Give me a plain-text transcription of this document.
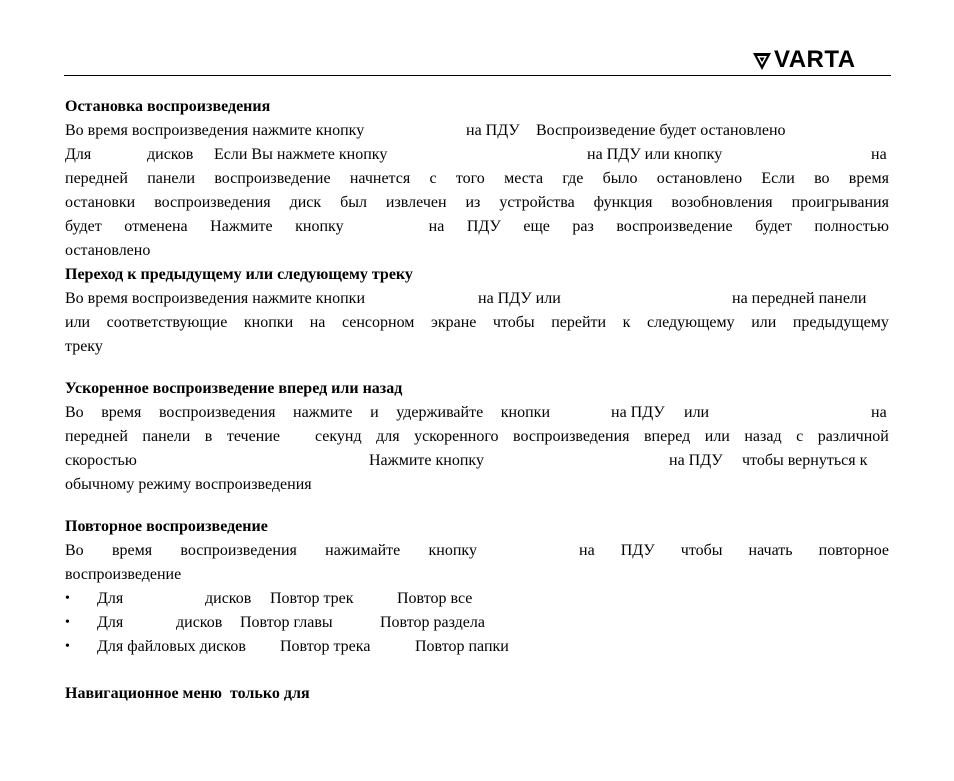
VARTA
Остановка воспроизведения
Во время воспроизведения нажмите кнопку	на ПДУ Воспроизведение будет остановлено
Для	дисков Если Вы нажмете кнопку	на ПДУ или кнопку	на
передней панели воспроизведение начнется с того места где было остановлено Если во время
остановки воспроизведения диск был извлечен из устройства функция возобновления проигрывания
будет отменена Нажмите кнопку	на ПДУ еще раз воспроизведение будет полностью
остановлено
Переход к предыдущему или следующему треку
Во время воспроизведения нажмите кнопки	на ПДУ или	на передней панели
или соответствующие кнопки на сенсорном экране чтобы перейти к следующему или предыдущему
треку
Ускоренное воспроизведение вперед или назад
Во время воспроизведения нажмите и удерживайте кнопки	на ПДУ или	на
передней панели в течение секунд для ускоренного воспроизведения вперед или назад с различной
скоростью	Нажмите кнопку	на ПДУ чтобы вернуться к
обычному режиму воспроизведения
Повторное воспроизведение
Во время воспроизведения нажимайте кнопку	на ПДУ чтобы начать повторное
воспроизведение
•	Для	дисков Повтор трек	Повтор все
•	Для	дисков Повтор главы	Повтор раздела
•	Для файловых дисков Повтор трека	Повтор папки
Навигационное меню  только для
